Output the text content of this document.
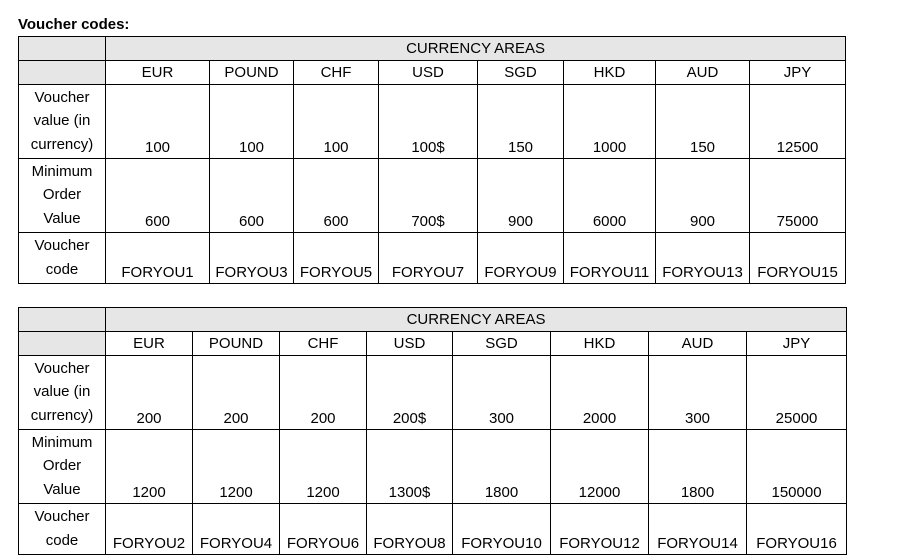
Voucher codes:
	CURRENCY AREAS							
	EUR	POUND	CHF	USD	SGD	HKD	AUD	JPY

Voucher
value (in
currency)	100	100	100	100$	150	1000	150	12500

Minimum
Order
Value	600	600	600	700$	900	6000	900	75000

Voucher
code	FORYOU1	FORYOU3	FORYOU5	FORYOU7	FORYOU9	FORYOU11	FORYOU13	FORYOU15
	CURRENCY AREAS							
	EUR	POUND	CHF	USD	SGD	HKD	AUD	JPY

Voucher
value (in
currency)	200	200	200	200$	300	2000	300	25000

Minimum
Order
Value	1200	1200	1200	1300$	1800	12000	1800	150000

Voucher
code	FORYOU2	FORYOU4	FORYOU6	FORYOU8	FORYOU10	FORYOU12	FORYOU14	FORYOU16
